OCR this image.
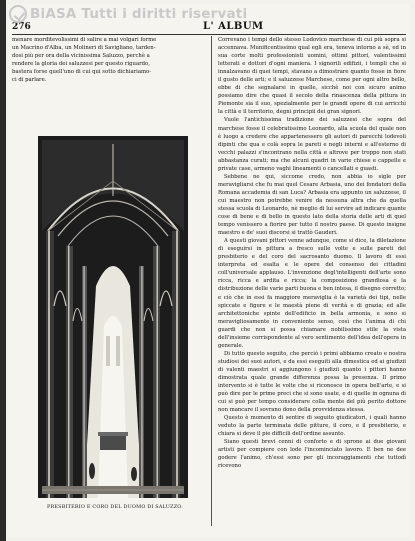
BiASA Tutti i diritti riservati
276	L' ALBUM

menare morditevolissimi di salire a mai volgari forme

un Macrino d'Alba, un Molineri di Savigliano, tarden-

dosi più per ora della vicinissima Saluzzo, perchè a

rendere la gloria dei saluzzesi per questo riguardo,

bastera forse quell'uno di cui qui sotto dichiariamo-

ci di parlare.

PRESBITERIO E CORO DEL DUOMO DI SALUZZO.

Correvano i tempi dello stesso Lodovico marchese di cui più sopra si accennava. Munificentissimo qual egli era, teneva intorno a sè, ed in sua corte molti professionisti uomini, ottimi pittori, valentissimi letterati e dottori d'ogni maniera. I signorili edifizii, i templi che si innalzavano di quei tempi, stavano a dimostrare quanto fosse in fiore il gusto delle arti; e il saluzzese Marchese, come per ogni altro bello, ebbe di che segnalarsi in quelle, sicchè noi con sicuro animo possiamo dire che quasi il secolo della rinascenza della pittura in Piemonte sia il suo, spezialmente per le grandi opere di cui arricchì la città e il territorio, degni principii dei gran signori.

Vuole l'antichissima tradizione dei saluzzesi che sopra del marchese fosse il celebratissimo Leonardo, alla scuola del quale non è luogo a credere che appartenessero gli autori di parecchi lodevoli dipinti che qua e colà sopra le pareti e negli interni e all'esterno di vecchi palazzi s'incontrano nella città e altrove per troppo non stati abbastanza curati; ma che alcuni quadri in varie chiese e cappelle e private case, armeno vaghi lineamenti o cancellati e guasti.

Sebbene ne qui, siccome credo, non abbia io sigle per meravigliarsi che fu mai quel Cesare Arbasia, uno dei fondatori della Romana accademia di san Luca? Arbasia era appunto un saluzzese, il cui maestro non potrebbe venire da nessuna altra che da quella stessa scuola di Leonardo, nè meglio di lui servire ad indicare quante cose di bene e di bello in questo lato della storia delle arti di quel tempo venissero a fiorire per tutto il nostro paese. Di questo insigne maestro e de' suoi discorsi si trattò Gauderi.

A questi giovani pittori venne adunque, come si dice, la diletazione di eseguirsi in pittura a fresco sulle volte e sulle pareti del presbiterio e del coro del sacrosanto duomo. Il lavoro di essi interpreta ed esalta e le opere del consenso dei cittadini coll'universale applauso. L'invenzione degl'intelligenti dell'arte sono ricca, ricca e ardita e ricca; la composizione grandiosa e la distribuzione delle varie parti buona e ben intesa, il disegno corretto; e ciò che in essi fa maggiore meraviglia è la varietà dei tipi, nelle spiccate e figure e le maestà piene di verità e di grazia; ed alle architettoniche spinte dell'edificio in bella armonia, e sono si meravigliosamente in conveniente senso, così che l'anima di chi guardi che non si possa chiamare nobilissimo stile la vista dell'insieme corrispondente al vero sentimento dell'idea dell'opera in generale.

Di tutto questo seguito, che perciò i primi abbiamo creato e nostra studiosi dei suoi autori, e da essi eseguiti alla dimestica ed ai giudizii di valenti maestri si aggiungono i giudizii quanto i pittori hanno dimostrata quale grande differenza possa la presenza. Il primo intervento si è tutte le volte che si riconosce in opera bell'arte, e si può dire per le prime preci che si sono usate, e di quelle in ognuna di cui si può per tempo considerare colla mente del più perito dottore non mancare il sovrano dono della provvidenza stessa.

Questo è momento di sentire di seguito giudicatori, i quali hanno veduto la parte terminata delle pitture, il coro, e il presbiterio, e chiara si deve il pie difficili dell'ordine assunto.

Siano questi brevi cenni di conforto e di sprone ai due giovani artisti per compiere con lode l'incominciato lavoro. E ben ne dee godere l'animo, ch'essi sono per gli incoraggiamenti che tuttodì ricevono
